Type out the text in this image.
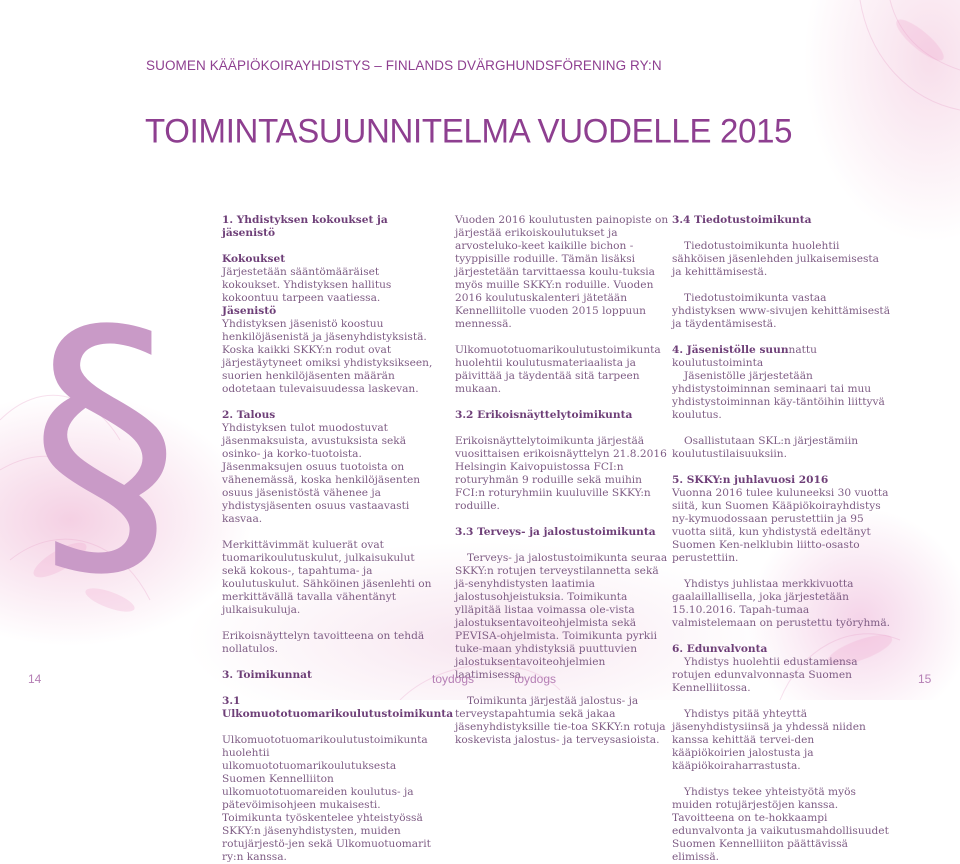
SUOMEN KÄÄPIÖKOIRAYHDISTYS – FINLANDS DVÄRGHUNDSFÖRENING RY:N
TOIMINTASUUNNITELMA VUODELLE 2015
§

1. Yhdistyksen kokoukset ja jäsenistö

Kokoukset

Järjestetään sääntömääräiset kokoukset. Yhdistyksen hallitus kokoontuu tarpeen vaatiessa.

Jäsenistö

Yhdistyksen jäsenistö koostuu henkilöjäsenistä ja jäsenyhdistyksistä. Koska kaikki SKKY:n rodut ovat järjestäytyneet omiksi yhdistyksikseen, suorien henkilöjäsenten määrän odotetaan tulevaisuudessa laskevan.

2. Talous

Yhdistyksen tulot muodostuvat jäsenmaksuista, avustuksista sekä osinko- ja korko-tuotoista. Jäsenmaksujen osuus tuotoista on vähenemässä, koska henkilöjäsenten osuus jäsenistöstä vähenee ja yhdistysjäsenten osuus vastaavasti kasvaa.

Merkittävimmät kuluerät ovat tuomarikoulutuskulut, julkaisukulut sekä kokous-, tapahtuma- ja koulutuskulut. Sähköinen jäsenlehti on merkittävällä tavalla vähentänyt julkaisukuluja.

Erikoisnäyttelyn tavoitteena on tehdä nollatulos.

3. Toimikunnat

3.1 Ulkomuototuomarikoulutustoimikunta

Ulkomuototuomarikoulutustoimikunta huolehtii ulkomuototuomarikoulutuksesta Suomen Kennelliiton ulkomuototuomareiden koulutus- ja pätevöimisohjeen mukaisesti. Toimikunta työskentelee yhteistyössä SKKY:n jäsenyhdistysten, muiden rotujärjestö-jen sekä Ulkomuotuomarit ry:n kanssa.

Vuoden 2016 koulutusten painopiste on järjestää erikoiskoulutukset ja arvosteluko-keet kaikille bichon -tyyppisille roduille. Tämän lisäksi järjestetään tarvittaessa koulu-tuksia myös muille SKKY:n roduille. Vuoden 2016 koulutuskalenteri jätetään Kennelliitolle vuoden 2015 loppuun mennessä.

Ulkomuototuomarikoulutustoimikunta huolehtii koulutusmateriaalista ja päivittää ja täydentää sitä tarpeen mukaan.

3.2 Erikoisnäyttelytoimikunta

Erikoisnäyttelytoimikunta järjestää vuosittaisen erikoisnäyttelyn 21.8.2016 Helsingin Kaivopuistossa FCI:n roturyhmän 9 roduille sekä muihin FCI:n roturyhmiin kuuluville SKKY:n roduille.

3.3 Terveys- ja jalostustoimikunta

Terveys- ja jalostustoimikunta seuraa SKKY:n rotujen terveystilannetta sekä jä-senyhdistysten laatimia jalostusohjeistuksia. Toimikunta ylläpitää listaa voimassa ole-vista jalostuksentavoiteohjelmista sekä PEVISA-ohjelmista. Toimikunta pyrkii tuke-maan yhdistyksiä puuttuvien jalostuksentavoiteohjelmien laatimisessa.

Toimikunta järjestää jalostus- ja terveystapahtumia sekä jakaa jäsenyhdistyksille tie-toa SKKY:n rotuja koskevista jalostus- ja terveysasioista.

3.4 Tiedotustoimikunta

Tiedotustoimikunta huolehtii sähköisen jäsenlehden julkaisemisesta ja kehittämisestä.

Tiedotustoimikunta vastaa yhdistyksen www-sivujen kehittämisestä ja täydentämisestä.

4. Jäsenistölle suunnattu koulutustoiminta

Jäsenistölle järjestetään yhdistystoiminnan seminaari tai muu yhdistystoiminnan käy-täntöihin liittyvä koulutus.

Osallistutaan SKL:n järjestämiin koulutustilaisuuksiin.

5. SKKY:n juhlavuosi 2016

Vuonna 2016 tulee kuluneeksi 30 vuotta siitä, kun Suomen Kääpiökoirayhdistys ny-kymuodossaan perustettiin ja 95 vuotta siitä, kun yhdistystä edeltänyt Suomen Ken-nelklubin liitto-osasto perustettiin.

Yhdistys juhlistaa merkkivuotta gaalaillallisella, joka järjestetään 15.10.2016. Tapah-tumaa valmistelemaan on perustettu työryhmä.

6. Edunvalvonta

Yhdistys huolehtii edustamiensa rotujen edunvalvonnasta Suomen Kennelliitossa.

Yhdistys pitää yhteyttä jäsenyhdistysiinsä ja yhdessä niiden kanssa kehittää tervei-den kääpiökoirien jalostusta ja kääpiökoiraharrastusta.

Yhdistys tekee yhteistyötä myös muiden rotujärjestöjen kanssa. Tavoitteena on te-hokkaampi edunvalvonta ja vaikutusmahdollisuudet Suomen Kennelliiton päättävissä elimissä.

14	toydogs	toydogs	15
